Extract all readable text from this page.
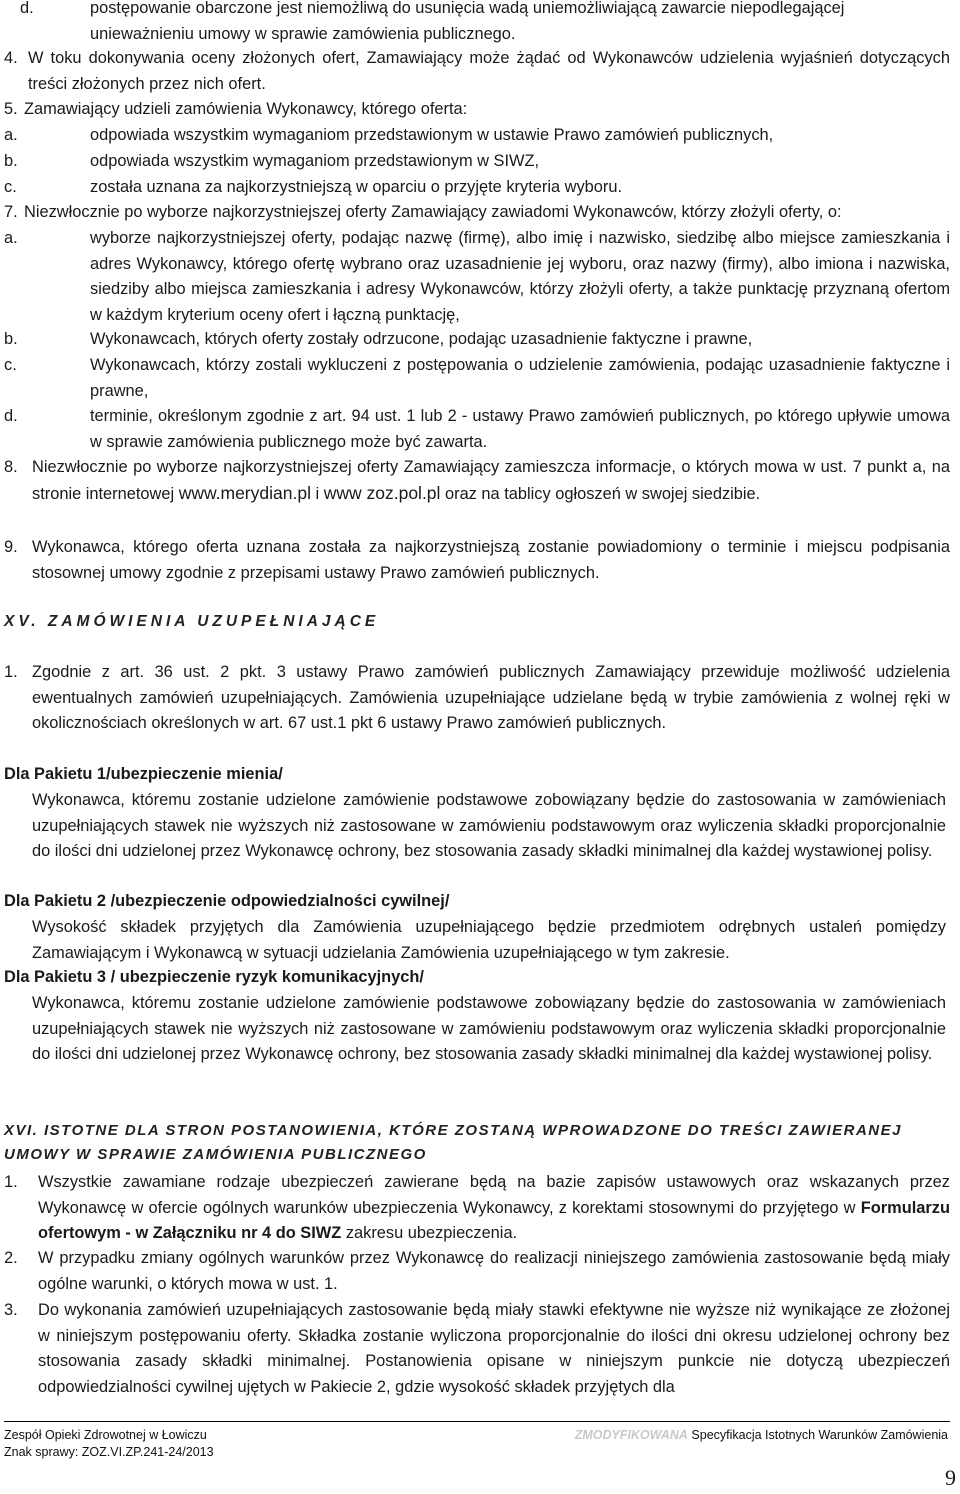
d.	postępowanie obarczone jest niemożliwą do usunięcia wadą uniemożliwiającą zawarcie niepodlegającej
unieważnieniu umowy w sprawie zamówienia publicznego.
4. W toku dokonywania oceny złożonych ofert, Zamawiający może żądać od Wykonawców udzielenia wyjaśnień dotyczących treści złożonych przez nich ofert.
5. Zamawiający udzieli zamówienia Wykonawcy, którego oferta:
a.	odpowiada wszystkim wymaganiom przedstawionym w ustawie Prawo zamówień publicznych,
b.	odpowiada wszystkim wymaganiom przedstawionym w SIWZ,
c.	została uznana za najkorzystniejszą w oparciu o przyjęte kryteria wyboru.
7. Niezwłocznie po wyborze najkorzystniejszej oferty Zamawiający zawiadomi Wykonawców, którzy złożyli oferty, o:
a.	wyborze najkorzystniejszej oferty, podając nazwę (firmę), albo imię i nazwisko, siedzibę albo miejsce zamieszkania i adres Wykonawcy, którego ofertę wybrano oraz uzasadnienie jej wyboru, oraz nazwy (firmy), albo imiona i nazwiska, siedziby albo miejsca zamieszkania i adresy Wykonawców, którzy złożyli oferty, a także punktację przyznaną ofertom w każdym kryterium oceny ofert i łączną punktację,
b.	Wykonawcach, których oferty zostały odrzucone, podając uzasadnienie faktyczne i prawne,
c.	Wykonawcach, którzy zostali wykluczeni z postępowania o udzielenie zamówienia, podając uzasadnienie faktyczne i prawne,
d.	terminie, określonym zgodnie z art. 94 ust. 1 lub 2 - ustawy Prawo zamówień publicznych, po którego upływie umowa w sprawie zamówienia publicznego może być zawarta.
8. Niezwłocznie po wyborze najkorzystniejszej oferty Zamawiający zamieszcza informacje, o których mowa w ust. 7 punkt a, na stronie internetowej www.merydian.pl i www zoz.pol.pl oraz na tablicy ogłoszeń w swojej siedzibie.
9. Wykonawca, którego oferta uznana została za najkorzystniejszą zostanie powiadomiony o terminie i miejscu podpisania stosownej umowy zgodnie z przepisami ustawy Prawo zamówień publicznych.
XV. ZAMÓWIENIA UZUPEŁNIAJĄCE
1. Zgodnie z art. 36 ust. 2 pkt. 3 ustawy Prawo zamówień publicznych Zamawiający przewiduje możliwość udzielenia ewentualnych zamówień uzupełniających. Zamówienia uzupełniające udzielane będą w trybie zamówienia z wolnej ręki w okolicznościach określonych w art. 67 ust.1 pkt 6 ustawy Prawo zamówień publicznych.
Dla Pakietu 1/ubezpieczenie mienia/
Wykonawca, któremu zostanie udzielone zamówienie podstawowe zobowiązany będzie do zastosowania w zamówieniach uzupełniających stawek nie wyższych niż zastosowane w zamówieniu podstawowym oraz wyliczenia składki proporcjonalnie do ilości dni udzielonej przez Wykonawcę ochrony, bez stosowania zasady składki minimalnej dla każdej wystawionej polisy.
Dla Pakietu 2 /ubezpieczenie odpowiedzialności cywilnej/
Wysokość składek przyjętych dla Zamówienia uzupełniającego będzie przedmiotem odrębnych ustaleń pomiędzy Zamawiającym i Wykonawcą w sytuacji udzielania Zamówienia uzupełniającego w tym zakresie.
Dla Pakietu 3 / ubezpieczenie ryzyk komunikacyjnych/
Wykonawca, któremu zostanie udzielone zamówienie podstawowe zobowiązany będzie do zastosowania w zamówieniach uzupełniających stawek nie wyższych niż zastosowane w zamówieniu podstawowym oraz wyliczenia składki proporcjonalnie do ilości dni udzielonej przez Wykonawcę ochrony, bez stosowania zasady składki minimalnej dla każdej wystawionej polisy.
XVI. ISTOTNE DLA STRON POSTANOWIENIA, KTÓRE ZOSTANĄ WPROWADZONE DO TREŚCI ZAWIERANEJ
UMOWY W SPRAWIE ZAMÓWIENIA PUBLICZNEGO
1. Wszystkie zawamiane rodzaje ubezpieczeń zawierane będą na bazie zapisów ustawowych oraz wskazanych przez Wykonawcę w ofercie ogólnych warunków ubezpieczenia Wykonawcy, z korektami stosownymi do przyjętego w Formularzu ofertowym - w Załączniku nr 4 do SIWZ zakresu ubezpieczenia.
2. W przypadku zmiany ogólnych warunków przez Wykonawcę do realizacji niniejszego zamówienia zastosowanie będą miały ogólne warunki, o których mowa w ust. 1.
3. Do wykonania zamówień uzupełniających zastosowanie będą miały stawki efektywne nie wyższe niż wynikające ze złożonej w niniejszym postępowaniu oferty. Składka zostanie wyliczona proporcjonalnie do ilości dni okresu udzielonej ochrony bez stosowania zasady składki minimalnej. Postanowienia opisane w niniejszym punkcie nie dotyczą ubezpieczeń odpowiedzialności cywilnej ujętych w Pakiecie 2, gdzie wysokość składek przyjętych dla
Zespół Opieki Zdrowotnej w Łowiczu
Znak sprawy: ZOZ.VI.ZP.241-24/2013
ZMODYFIKOWANA Specyfikacja Istotnych Warunków Zamówienia
9
